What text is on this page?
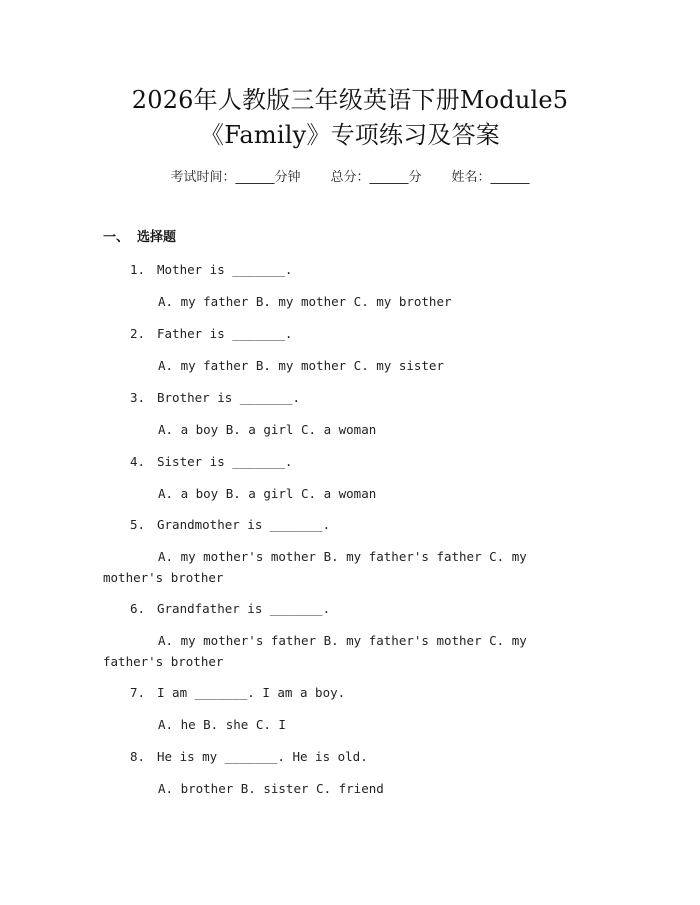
2026年人教版三年级英语下册Module5
《Family》专项练习及答案
考试时间：______分钟 总分：______分 姓名：______
一、 选择题
1. Mother is _______.
A. my father B. my mother C. my brother
2. Father is _______.
A. my father B. my mother C. my sister
3. Brother is _______.
A. a boy B. a girl C. a woman
4. Sister is _______.
A. a boy B. a girl C. a woman
5. Grandmother is _______.
A. my mother's mother B. my father's father C. my mother's brother
6. Grandfather is _______.
A. my mother's father B. my father's mother C. my father's brother
7. I am _______. I am a boy.
A. he B. she C. I
8. He is my _______. He is old.
A. brother B. sister C. friend
